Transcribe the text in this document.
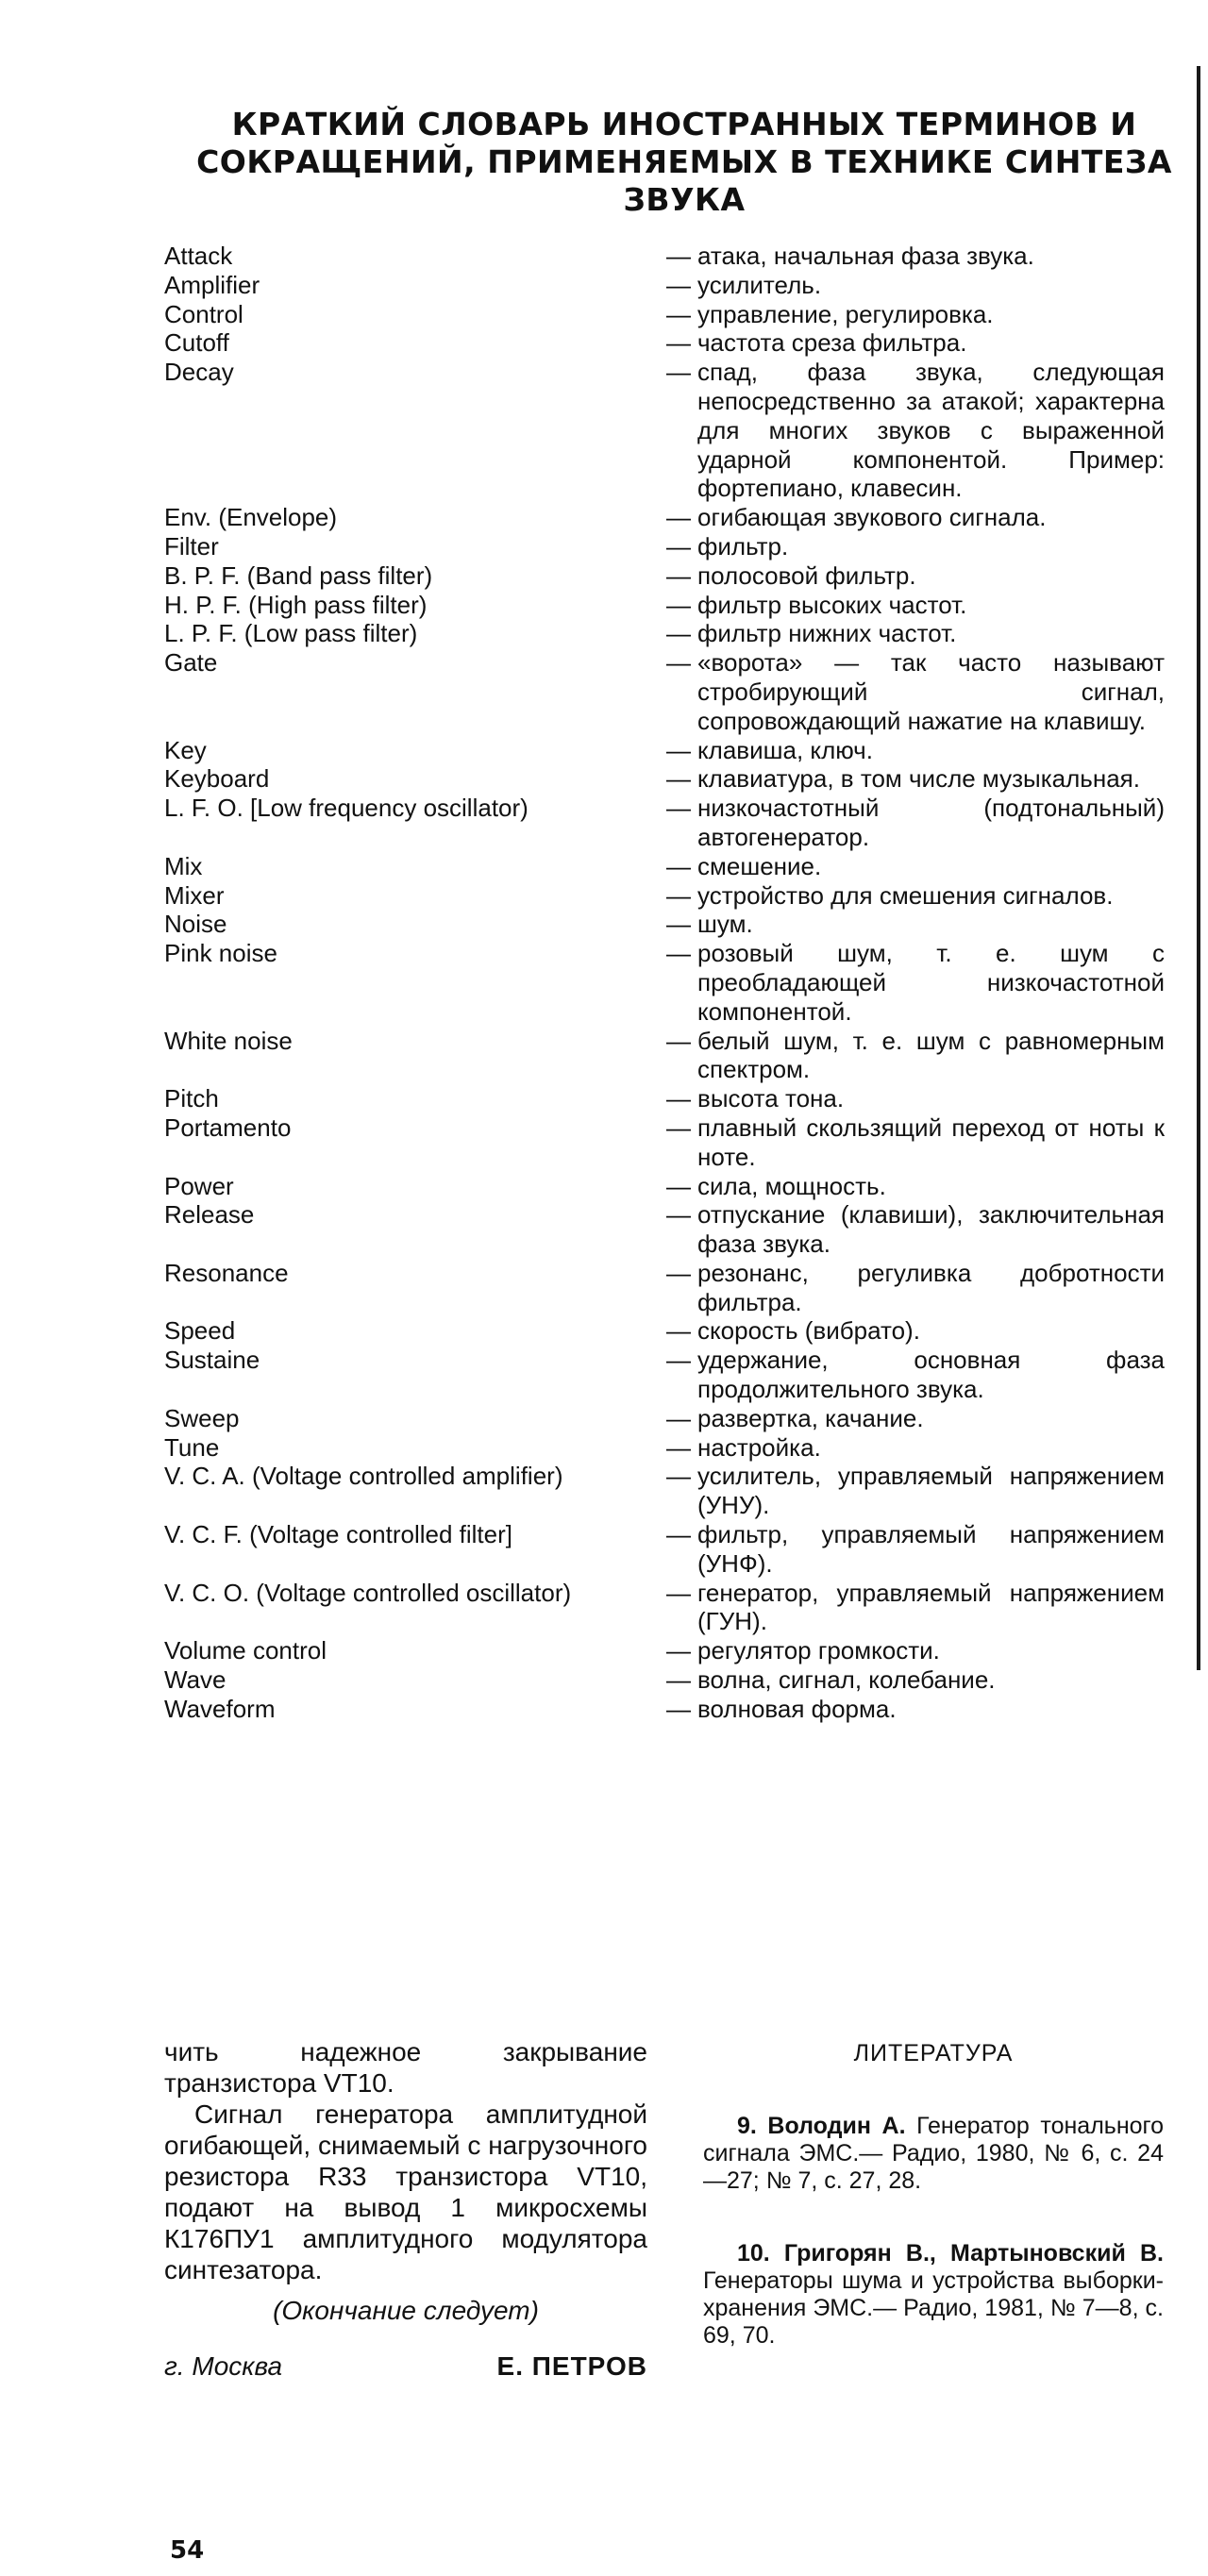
КРАТКИЙ СЛОВАРЬ ИНОСТРАННЫХ ТЕРМИНОВ И СОКРАЩЕНИЙ, ПРИМЕНЯЕМЫХ В ТЕХНИКЕ СИНТЕЗА ЗВУКА
Attack	— атака, начальная фаза звука.
Amplifier	— усилитель.
Control	— управление, регулировка.
Cutoff	— частота среза фильтра.
Decay	— спад, фаза звука, следующая непосредственно за атакой; характерна для многих звуков с выраженной ударной компонентой. Пример: фортепиано, клавесин.
Env. (Envelope)	— огибающая звукового сигнала.
Filter	— фильтр.
B. P. F. (Band pass filter)	— полосовой фильтр.
H. P. F. (High pass filter)	— фильтр высоких частот.
L. P. F. (Low pass filter)	— фильтр нижних частот.
Gate	— «ворота» — так часто называют стробирующий сигнал, сопровождающий нажатие на клавишу.
Key	— клавиша, ключ.
Keyboard	— клавиатура, в том числе музыкальная.
L. F. O. [Low frequency oscillator)	— низкочастотный (подтональный) автогенератор.
Mix	— смешение.
Mixer	— устройство для смешения сигналов.
Noise	— шум.
Pink noise	— розовый шум, т. е. шум с преобладающей низкочастотной компонентой.
White noise	— белый шум, т. е. шум с равномерным спектром.
Pitch	— высота тона.
Portamento	— плавный скользящий переход от ноты к ноте.
Power	— сила, мощность.
Release	— отпускание (клавиши), заключительная фаза звука.
Resonance	— резонанс, регуливка добротности фильтра.
Speed	— скорость (вибрато).
Sustaine	— удержание, основная фаза продолжительного звука.
Sweep	— развертка, качание.
Tune	— настройка.
V. C. A. (Voltage controlled amplifier)	— усилитель, управляемый напряжением (УНУ).
V. C. F. (Voltage controlled filter]	— фильтр, управляемый напряжением (УНФ).
V. C. O. (Voltage controlled oscillator)	— генератор, управляемый напряжением (ГУН).
Volume control	— регулятор громкости.
Wave	— волна, сигнал, колебание.
Waveform	— волновая форма.

чить надежное закрывание транзистора VT10.

Сигнал генератора амплитудной огибающей, снимаемый с нагрузочного резистора R33 транзистора VT10, подают на вывод 1 микросхемы К176ПУ1 амплитудного модулятора синтезатора.

(Окончание следует)
г. Москва	Е. ПЕТРОВ
ЛИТЕРАТУРА

9. Володин А. Генератор тонального сигнала ЭМС.— Радио, 1980, № 6, с. 24—27; № 7, с. 27, 28.

10. Григорян В., Мартыновский В. Генераторы шума и устройства выборки-хранения ЭМС.— Радио, 1981, № 7—8, с. 69, 70.

54
